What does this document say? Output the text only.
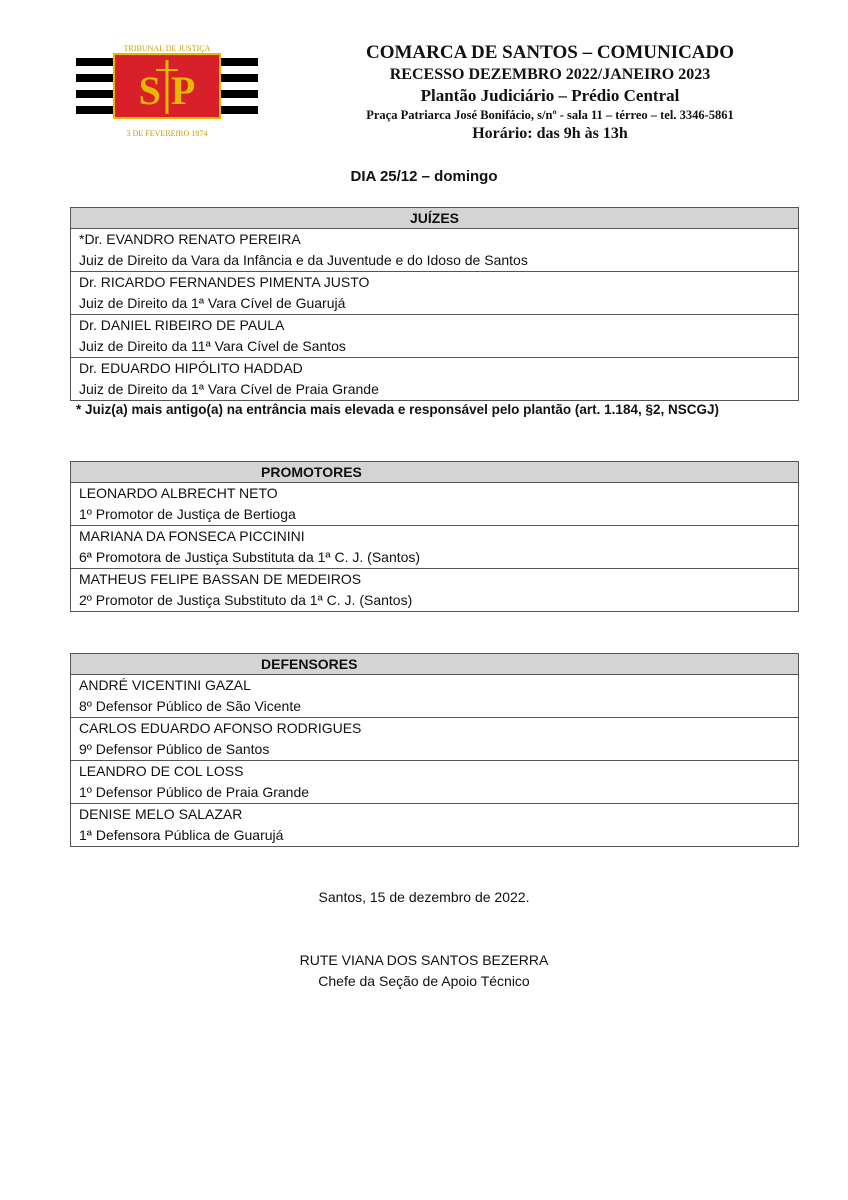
TRIBUNAL DE JUSTIÇA
S P
3 DE FEVEREIRO 1874
COMARCA DE SANTOS – COMUNICADO
RECESSO DEZEMBRO 2022/JANEIRO 2023
Plantão Judiciário – Prédio Central
Praça Patriarca José Bonifácio, s/nº - sala 11 – térreo – tel. 3346-5861
Horário: das 9h às 13h
DIA 25/12 – domingo
JUÍZES
*Dr. EVANDRO RENATO PEREIRA
Juiz de Direito da Vara da Infância e da Juventude e do Idoso de Santos
Dr. RICARDO FERNANDES PIMENTA JUSTO
Juiz de Direito da 1ª Vara Cível de Guarujá
Dr. DANIEL RIBEIRO DE PAULA
Juiz de Direito da 11ª Vara Cível de Santos
Dr. EDUARDO HIPÓLITO HADDAD
Juiz de Direito da 1ª Vara Cível de Praia Grande
* Juiz(a) mais antigo(a) na entrância mais elevada e responsável pelo plantão (art. 1.184, §2, NSCGJ)
PROMOTORES
LEONARDO ALBRECHT NETO
1º Promotor de Justiça de Bertioga
MARIANA DA FONSECA PICCININI
6ª Promotora de Justiça Substituta da 1ª C. J. (Santos)
MATHEUS FELIPE BASSAN DE MEDEIROS
2º Promotor de Justiça Substituto da 1ª C. J. (Santos)
DEFENSORES
ANDRÉ VICENTINI GAZAL
8º Defensor Público de São Vicente
CARLOS EDUARDO AFONSO RODRIGUES
9º Defensor Público de Santos
LEANDRO DE COL LOSS
1º Defensor Público de Praia Grande
DENISE MELO SALAZAR
1ª Defensora Pública de Guarujá
Santos, 15 de dezembro de 2022.
RUTE VIANA DOS SANTOS BEZERRA
Chefe da Seção de Apoio Técnico
